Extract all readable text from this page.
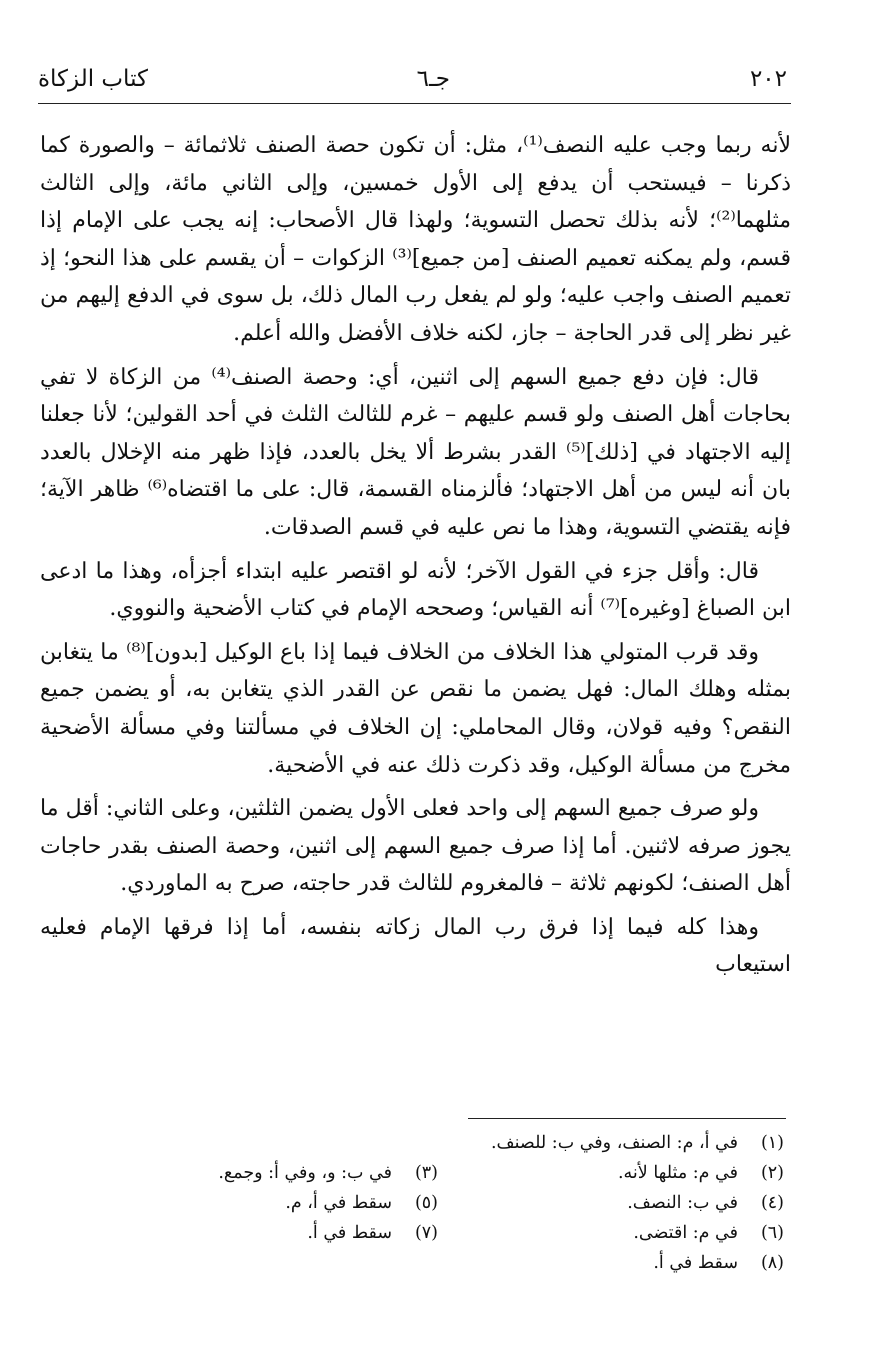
٢٠٢
جـ٦
كتاب الزكاة

لأنه ربما وجب عليه النصف⁽¹⁾، مثل: أن تكون حصة الصنف ثلاثمائة – والصورة كما ذكرنا – فيستحب أن يدفع إلى الأول خمسين، وإلى الثاني مائة، وإلى الثالث مثلهما⁽²⁾؛ لأنه بذلك تحصل التسوية؛ ولهذا قال الأصحاب: إنه يجب على الإمام إذا قسم، ولم يمكنه تعميم الصنف [من جميع]⁽³⁾ الزكوات – أن يقسم على هذا النحو؛ إذ تعميم الصنف واجب عليه؛ ولو لم يفعل رب المال ذلك، بل سوى في الدفع إليهم من غير نظر إلى قدر الحاجة – جاز، لكنه خلاف الأفضل والله أعلم.

قال: فإن دفع جميع السهم إلى اثنين، أي: وحصة الصنف⁽⁴⁾ من الزكاة لا تفي بحاجات أهل الصنف ولو قسم عليهم – غرم للثالث الثلث في أحد القولين؛ لأنا جعلنا إليه الاجتهاد في [ذلك]⁽⁵⁾ القدر بشرط ألا يخل بالعدد، فإذا ظهر منه الإخلال بالعدد بان أنه ليس من أهل الاجتهاد؛ فألزمناه القسمة، قال: على ما اقتضاه⁽⁶⁾ ظاهر الآية؛ فإنه يقتضي التسوية، وهذا ما نص عليه في قسم الصدقات.

قال: وأقل جزء في القول الآخر؛ لأنه لو اقتصر عليه ابتداء أجزأه، وهذا ما ادعى ابن الصباغ [وغيره]⁽⁷⁾ أنه القياس؛ وصححه الإمام في كتاب الأضحية والنووي.

وقد قرب المتولي هذا الخلاف من الخلاف فيما إذا باع الوكيل [بدون]⁽⁸⁾ ما يتغابن بمثله وهلك المال: فهل يضمن ما نقص عن القدر الذي يتغابن به، أو يضمن جميع النقص؟ وفيه قولان، وقال المحاملي: إن الخلاف في مسألتنا وفي مسألة الأضحية مخرج من مسألة الوكيل، وقد ذكرت ذلك عنه في الأضحية.

ولو صرف جميع السهم إلى واحد فعلى الأول يضمن الثلثين، وعلى الثاني: أقل ما يجوز صرفه لاثنين. أما إذا صرف جميع السهم إلى اثنين، وحصة الصنف بقدر حاجات أهل الصنف؛ لكونهم ثلاثة – فالمغروم للثالث قدر حاجته، صرح به الماوردي.

وهذا كله فيما إذا فرق رب المال زكاته بنفسه، أما إذا فرقها الإمام فعليه استيعاب

(١)في أ، م: الصنف، وفي ب: للصنف.
(٢)في م: مثلها لأنه.
(٤)في ب: النصف.
(٦)في م: اقتضى.
(٨)سقط في أ.
(٣)في ب: و، وفي أ: وجمع.
(٥)سقط في أ، م.
(٧)سقط في أ.
